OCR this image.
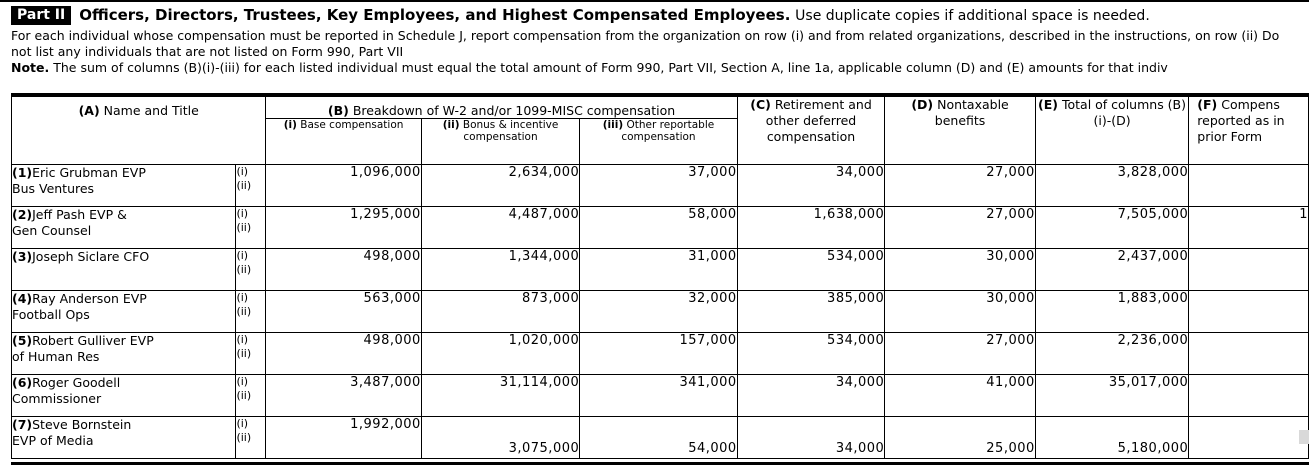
Part II Officers, Directors, Trustees, Key Employees, and Highest Compensated Employees. Use duplicate copies if additional space is needed.
For each individual whose compensation must be reported in Schedule J, report compensation from the organization on row (i) and from related organizations, described in the instructions, on row (ii) Do not list any individuals that are not listed on Form 990, Part VII
Note. The sum of columns (B)(i)-(iii) for each listed individual must equal the total amount of Form 990, Part VII, Section A, line 1a, applicable column (D) and (E) amounts for that indiv
(A) Name and Title		(B) Breakdown of W-2 and/or 1099-MISC compensation			(C) Retirement and other deferred compensation	(D) Nontaxable benefits	(E) Total of columns (B)(i)-(D)	(F) Compens reported as in prior Form
		(i) Base compensation	(ii) Bonus & incentive compensation	(iii) Other reportable compensation				

(1)Eric Grubman EVP
Bus Ventures	(i)
(ii)	1,096,000	2,634,000	37,000	34,000	27,000	3,828,000	

(2)Jeff Pash EVP &
Gen Counsel	(i)
(ii)	1,295,000	4,487,000	58,000	1,638,000	27,000	7,505,000	1

(3)Joseph Siclare CFO	(i)
(ii)	498,000	1,344,000	31,000	534,000	30,000	2,437,000	

(4)Ray Anderson EVP
Football Ops	(i)
(ii)	563,000	873,000	32,000	385,000	30,000	1,883,000	

(5)Robert Gulliver EVP
of Human Res	(i)
(ii)	498,000	1,020,000	157,000	534,000	27,000	2,236,000	

(6)Roger Goodell
Commissioner	(i)
(ii)	3,487,000	31,114,000	341,000	34,000	41,000	35,017,000	

(7)Steve Bornstein
EVP of Media	(i)
(ii)	1,992,000	3,075,000	54,000	34,000	25,000	5,180,000	
